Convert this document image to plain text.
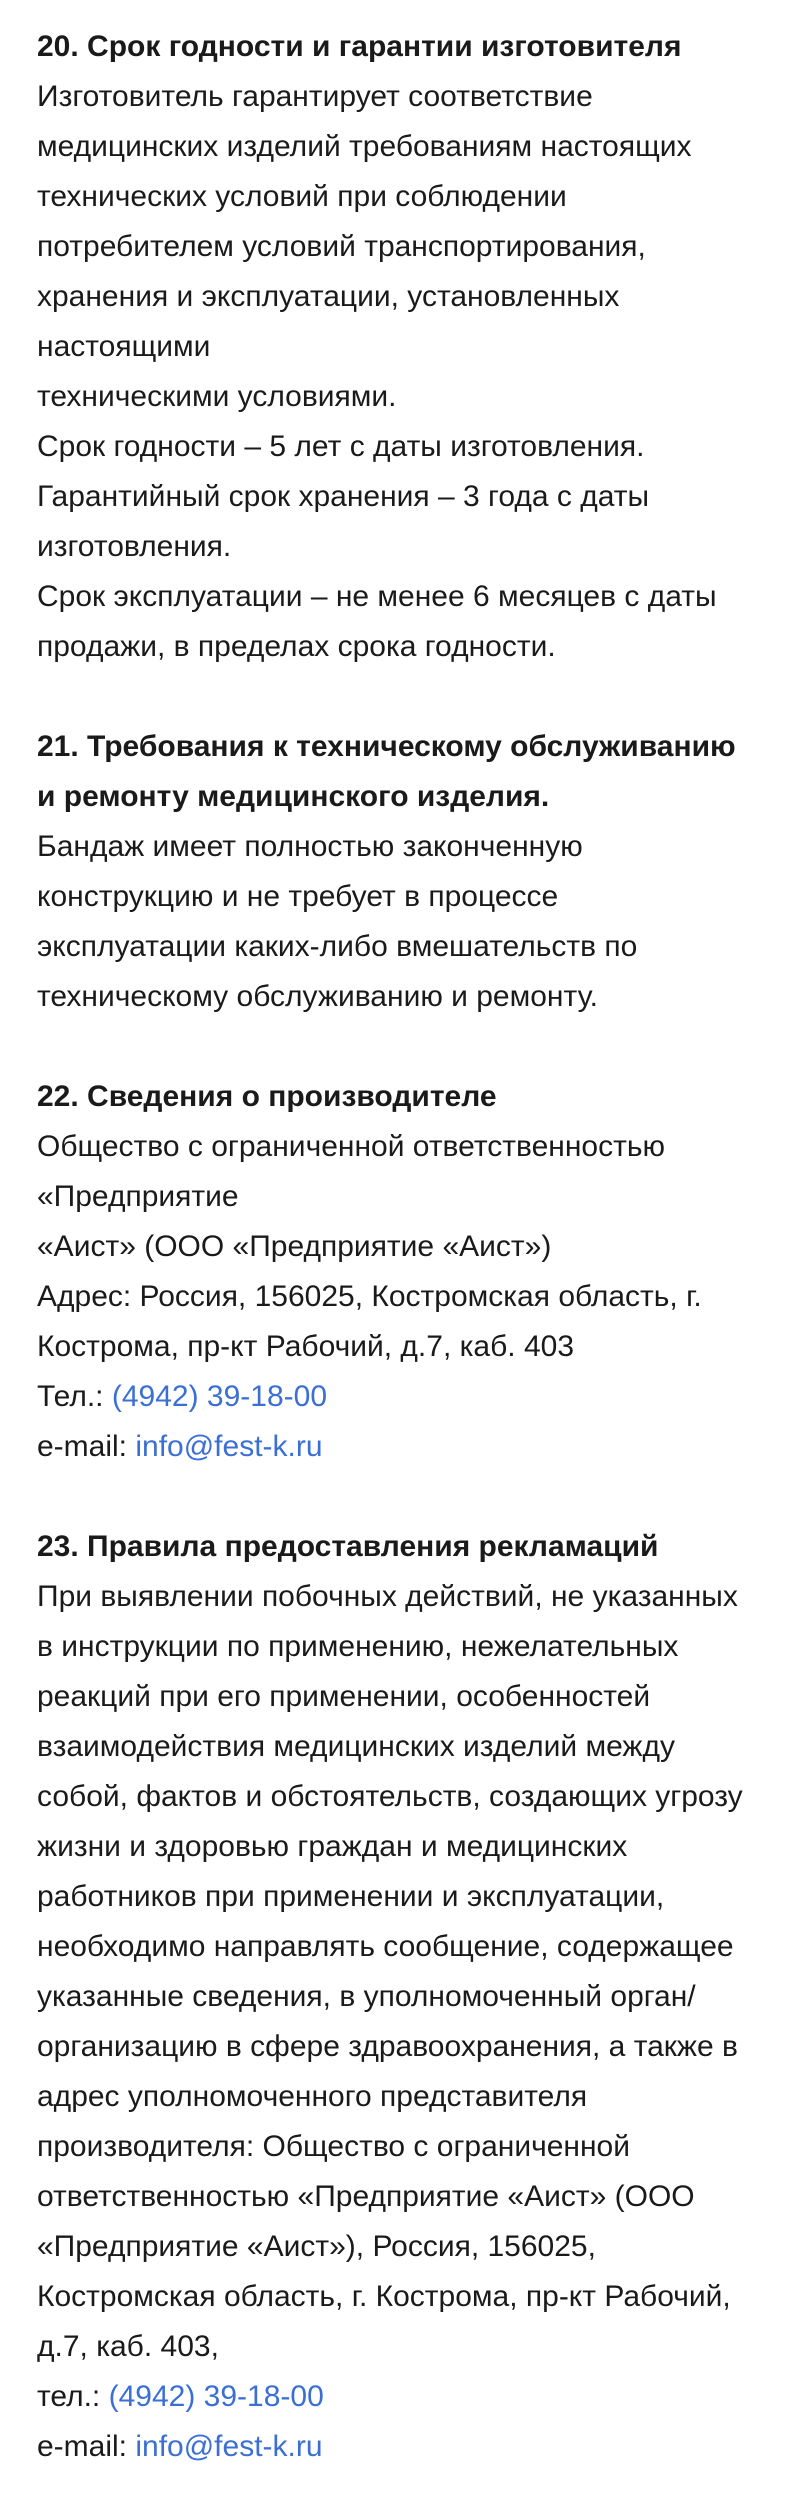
20. Срок годности и гарантии изготовителя
Изготовитель гарантирует соответствие
медицинских изделий требованиям настоящих
технических условий при соблюдении
потребителем условий транспортирования,
хранения и эксплуатации, установленных
настоящими
техническими условиями.
Срок годности – 5 лет с даты изготовления.
Гарантийный срок хранения – 3 года с даты
изготовления.
Срок эксплуатации – не менее 6 месяцев с даты
продажи, в пределах срока годности.
21. Требования к техническому обслуживанию
и ремонту медицинского изделия.
Бандаж имеет полностью законченную
конструкцию и не требует в процессе
эксплуатации каких-либо вмешательств по
техническому обслуживанию и ремонту.
22. Сведения о производителе
Общество с ограниченной ответственностью
«Предприятие
«Аист» (ООО «Предприятие «Аист»)
Адрес: Россия, 156025, Костромская область, г.
Кострома, пр-кт Рабочий, д.7, каб. 403
Тел.: (4942) 39-18-00
e-mail: info@fest-k.ru
23. Правила предоставления рекламаций
При выявлении побочных действий, не указанных
в инструкции по применению, нежелательных
реакций при его применении, особенностей
взаимодействия медицинских изделий между
собой, фактов и обстоятельств, создающих угрозу
жизни и здоровью граждан и медицинских
работников при применении и эксплуатации,
необходимо направлять сообщение, содержащее
указанные сведения, в уполномоченный орган/
организацию в сфере здравоохранения, а также в
адрес уполномоченного представителя
производителя: Общество с ограниченной
ответственностью «Предприятие «Аист» (ООО
«Предприятие «Аист»), Россия, 156025,
Костромская область, г. Кострома, пр-кт Рабочий,
д.7, каб. 403,
тел.: (4942) 39-18-00
e-mail: info@fest-k.ru
